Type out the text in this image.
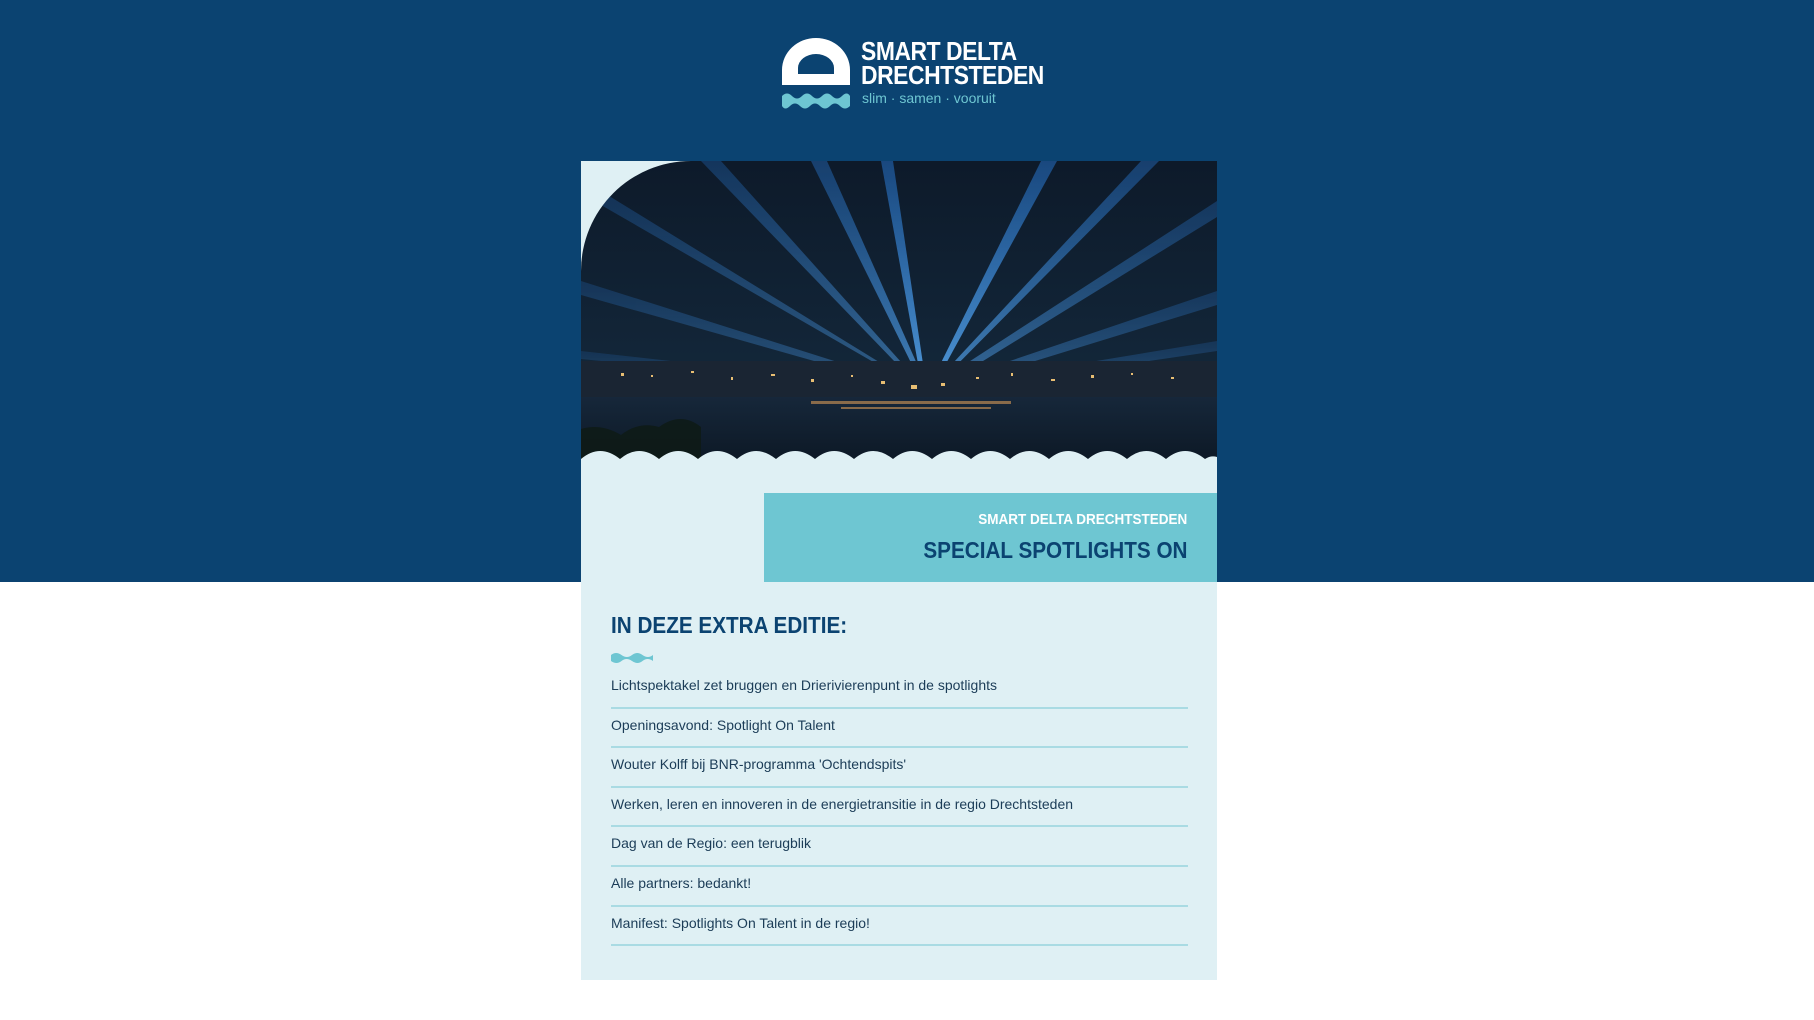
SMART DELTA
DRECHTSTEDEN
slim · samen · vooruit
SMART DELTA DRECHTSTEDEN
SPECIAL SPOTLIGHTS ON
IN DEZE EXTRA EDITIE:
Lichtspektakel zet bruggen en Drierivierenpunt in de spotlights
Openingsavond: Spotlight On Talent
Wouter Kolff bij BNR-programma 'Ochtendspits'
Werken, leren en innoveren in de energietransitie in de regio Drechtsteden
Dag van de Regio: een terugblik
Alle partners: bedankt!
Manifest: Spotlights On Talent in de regio!
